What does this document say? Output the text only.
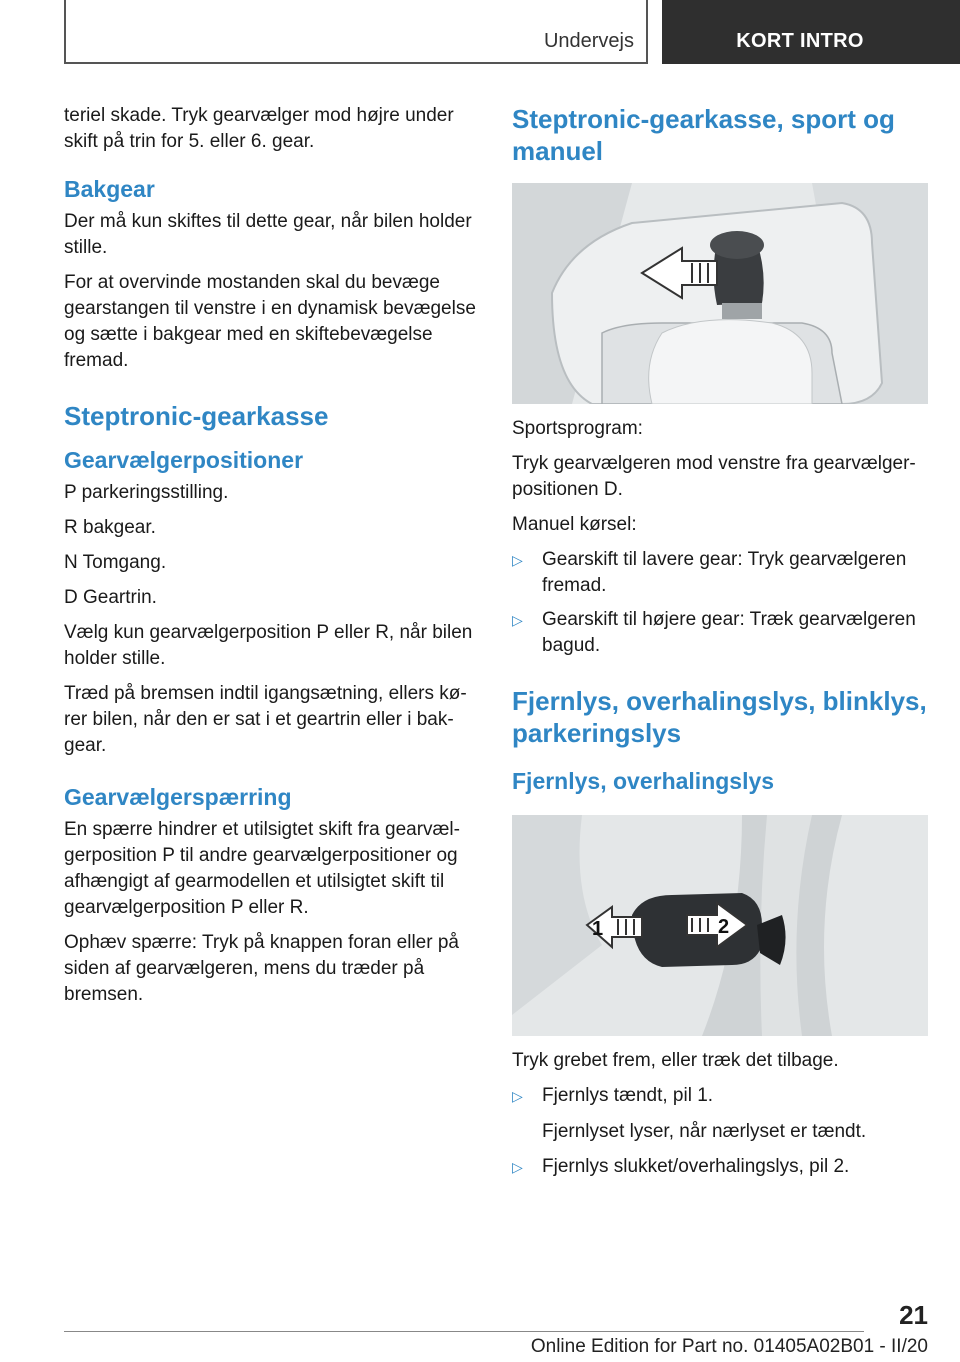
Undervejs	KORT INTRO

teriel skade. Tryk gearvælger mod højre under skift på trin for 5. eller 6. gear.

Bakgear

Der må kun skiftes til dette gear, når bilen holder stille.

For at overvinde mostanden skal du bevæge gearstangen til venstre i en dynamisk bevægelse og sætte i bakgear med en skiftebevægelse fremad.

Steptronic-gearkasse
Gearvælgerpositioner

P parkeringsstilling.

R bakgear.

N Tomgang.

D Geartrin.

Vælg kun gearvælgerposition P eller R, når bilen holder stille.

Træd på bremsen indtil igangsætning, ellers kører bilen, når den er sat i et geartrin eller i bakgear.

Gearvælgerspærring

En spærre hindrer et utilsigtet skift fra gearvælgerposition P til andre gearvælgerpositioner og afhængigt af gearmodellen et utilsigtet skift til gearvælgerposition P eller R.

Ophæv spærre: Tryk på knappen foran eller på siden af gearvælgeren, mens du træder på bremsen.

Steptronic-gearkasse, sport og manuel

Sportsprogram:

Tryk gearvælgeren mod venstre fra gearvælgerpositionen D.

Manuel kørsel:

▷ Gearskift til lavere gear: Tryk gearvælgeren fremad.
▷ Gearskift til højere gear: Træk gearvælgeren bagud.
Fjernlys, overhalingslys, blinklys, parkeringslys
Fjernlys, overhalingslys
1	2

Tryk grebet frem, eller træk det tilbage.

▷ Fjernlys tændt, pil 1.

Fjernlyset lyser, når nærlyset er tændt.

▷ Fjernlys slukket/overhalingslys, pil 2.
21
Online Edition for Part no. 01405A02B01 - II/20
